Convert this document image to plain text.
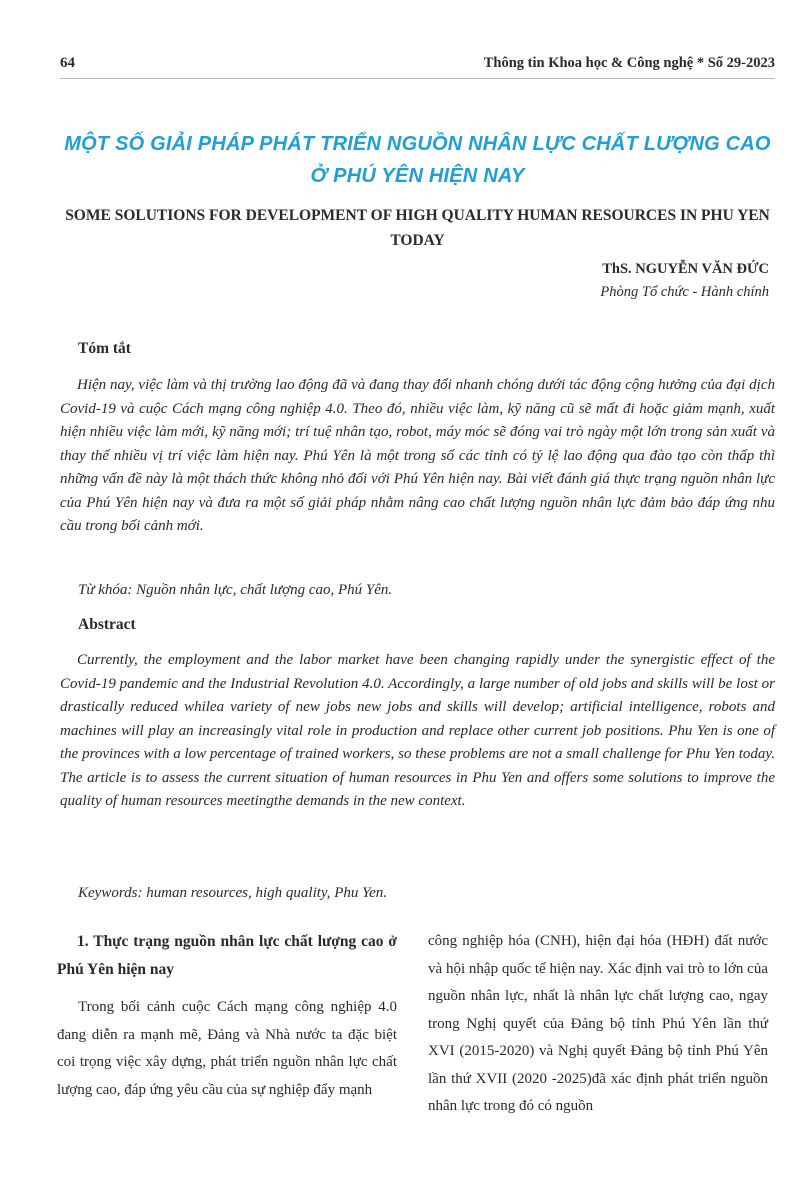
64	Thông tin Khoa học & Công nghệ * Số 29-2023
MỘT SỐ GIẢI PHÁP PHÁT TRIỂN NGUỒN NHÂN LỰC CHẤT LƯỢNG CAO Ở PHÚ YÊN HIỆN NAY
SOME SOLUTIONS FOR DEVELOPMENT OF HIGH QUALITY HUMAN RESOURCES IN PHU YEN TODAY
ThS. NGUYỄN VĂN ĐỨC
Phòng Tổ chức - Hành chính
Tóm tắt
Hiện nay, việc làm và thị trường lao động đã và đang thay đổi nhanh chóng dưới tác động cộng hưởng của đại dịch Covid-19 và cuộc Cách mạng công nghiệp 4.0. Theo đó, nhiều việc làm, kỹ năng cũ sẽ mất đi hoặc giảm mạnh, xuất hiện nhiều việc làm mới, kỹ năng mới; trí tuệ nhân tạo, robot, máy móc sẽ đóng vai trò ngày một lớn trong sản xuất và thay thế nhiều vị trí việc làm hiện nay. Phú Yên là một trong số các tỉnh có tỷ lệ lao động qua đào tạo còn thấp thì những vấn đề này là một thách thức không nhỏ đối với Phú Yên hiện nay. Bài viết đánh giá thực trạng nguồn nhân lực của Phú Yên hiện nay và đưa ra một số giải pháp nhằm nâng cao chất lượng nguồn nhân lực đảm bảo đáp ứng nhu cầu trong bối cảnh mới.
Từ khóa: Nguồn nhân lực, chất lượng cao, Phú Yên.
Abstract
Currently, the employment and the labor market have been changing rapidly under the synergistic effect of the Covid-19 pandemic and the Industrial Revolution 4.0. Accordingly, a large number of old jobs and skills will be lost or drastically reduced whilea variety of new jobs new jobs and skills will develop; artificial intelligence, robots and machines will play an increasingly vital role in production and replace other current job positions. Phu Yen is one of the provinces with a low percentage of trained workers, so these problems are not a small challenge for Phu Yen today. The article is to assess the current situation of human resources in Phu Yen and offers some solutions to improve the quality of human resources meetingthe demands in the new context.
Keywords: human resources, high quality, Phu Yen.

1. Thực trạng nguồn nhân lực chất lượng cao ở Phú Yên hiện nay

Trong bối cảnh cuộc Cách mạng công nghiệp 4.0 đang diễn ra mạnh mẽ, Đảng và Nhà nước ta đặc biệt coi trọng việc xây dựng, phát triển nguồn nhân lực chất lượng cao, đáp ứng yêu cầu của sự nghiệp đẩy mạnh

công nghiệp hóa (CNH), hiện đại hóa (HĐH) đất nước và hội nhập quốc tế hiện nay. Xác định vai trò to lớn của nguồn nhân lực, nhất là nhân lực chất lượng cao, ngay trong Nghị quyết của Đảng bộ tỉnh Phú Yên lần thứ XVI (2015-2020) và Nghị quyết Đảng bộ tỉnh Phú Yên lần thứ XVII (2020 -2025)đã xác định phát triển nguồn nhân lực trong đó có nguồn
